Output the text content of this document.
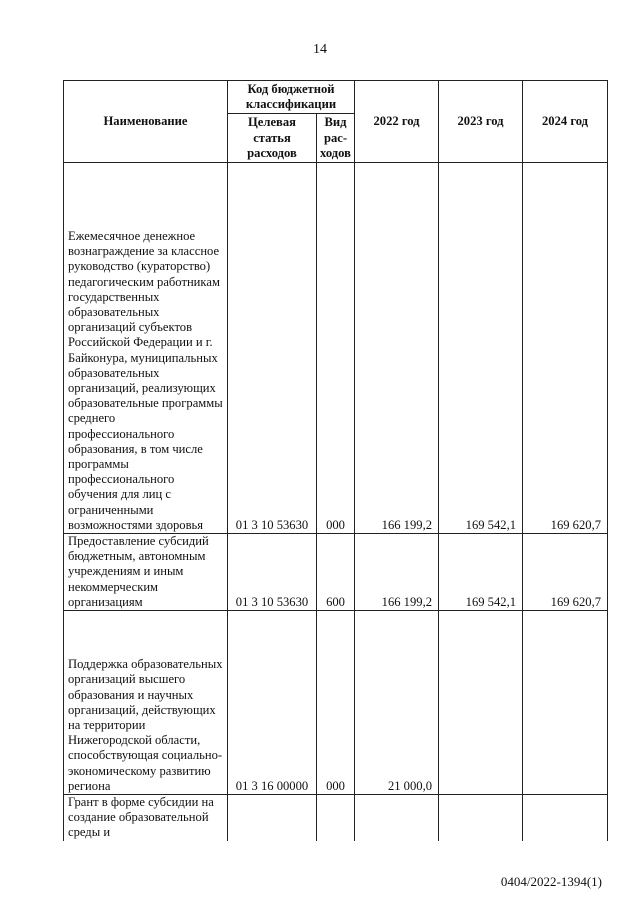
14
Наименование	Код бюджетной классификации		2022 год	2023 год	2024 год
	Целевая статья расходов	Вид рас-ходов			
Ежемесячное денежное вознаграждение за классное руководство (кураторство) педагогическим работникам государственных образовательных организаций субъектов Российской Федерации и г. Байконура, муниципальных образовательных организаций, реализующих образовательные программы среднего профессионального образования, в том числе программы профессионального обучения для лиц с ограниченными возможностями здоровья	01 3 10 53630	000	166 199,2	169 542,1	169 620,7
Предоставление субсидий бюджетным, автономным учреждениям и иным некоммерческим организациям	01 3 10 53630	600	166 199,2	169 542,1	169 620,7
Поддержка образовательных организаций высшего образования и научных организаций, действующих на территории Нижегородской области, способствующая социально-экономическому развитию региона	01 3 16 00000	000	21 000,0		
Грант в форме субсидии на создание образовательной среды и					
0404/2022-1394(1)
